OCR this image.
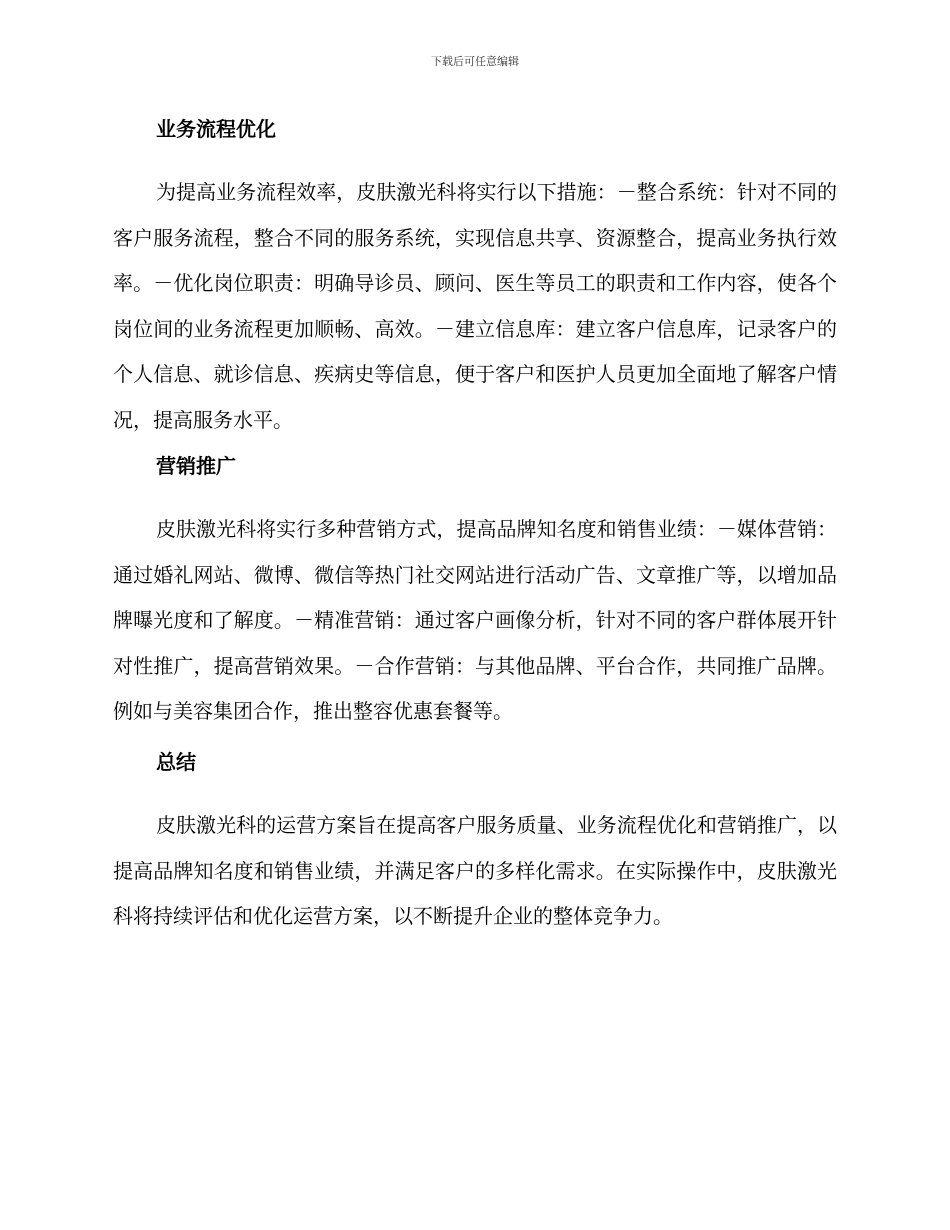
下载后可任意编辑
业务流程优化

为提高业务流程效率，皮肤激光科将实行以下措施：－整合系统：针对不同的客户服务流程，整合不同的服务系统，实现信息共享、资源整合，提高业务执行效率。－优化岗位职责：明确导诊员、顾问、医生等员工的职责和工作内容，使各个岗位间的业务流程更加顺畅、高效。－建立信息库：建立客户信息库，记录客户的个人信息、就诊信息、疾病史等信息，便于客户和医护人员更加全面地了解客户情况，提高服务水平。

营销推广

皮肤激光科将实行多种营销方式，提高品牌知名度和销售业绩：－媒体营销：通过婚礼网站、微博、微信等热门社交网站进行活动广告、文章推广等，以增加品牌曝光度和了解度。－精准营销：通过客户画像分析，针对不同的客户群体展开针对性推广，提高营销效果。－合作营销：与其他品牌、平台合作，共同推广品牌。例如与美容集团合作，推出整容优惠套餐等。

总结

皮肤激光科的运营方案旨在提高客户服务质量、业务流程优化和营销推广，以提高品牌知名度和销售业绩，并满足客户的多样化需求。在实际操作中，皮肤激光科将持续评估和优化运营方案，以不断提升企业的整体竞争力。
